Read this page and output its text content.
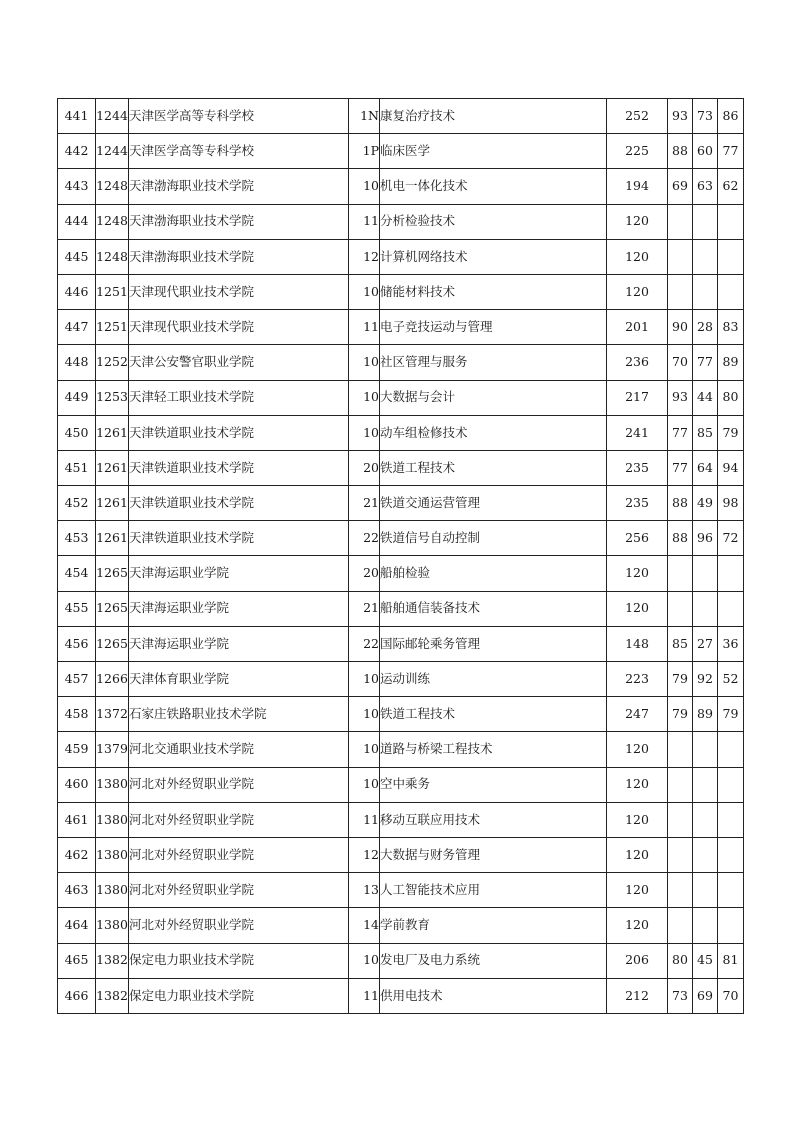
441	1244	天津医学高等专科学校	1N	康复治疗技术	252	93	73	86
442	1244	天津医学高等专科学校	1P	临床医学	225	88	60	77
443	1248	天津渤海职业技术学院	10	机电一体化技术	194	69	63	62
444	1248	天津渤海职业技术学院	11	分析检验技术	120			
445	1248	天津渤海职业技术学院	12	计算机网络技术	120			
446	1251	天津现代职业技术学院	10	储能材料技术	120			
447	1251	天津现代职业技术学院	11	电子竞技运动与管理	201	90	28	83
448	1252	天津公安警官职业学院	10	社区管理与服务	236	70	77	89
449	1253	天津轻工职业技术学院	10	大数据与会计	217	93	44	80
450	1261	天津铁道职业技术学院	10	动车组检修技术	241	77	85	79
451	1261	天津铁道职业技术学院	20	铁道工程技术	235	77	64	94
452	1261	天津铁道职业技术学院	21	铁道交通运营管理	235	88	49	98
453	1261	天津铁道职业技术学院	22	铁道信号自动控制	256	88	96	72
454	1265	天津海运职业学院	20	船舶检验	120			
455	1265	天津海运职业学院	21	船舶通信装备技术	120			
456	1265	天津海运职业学院	22	国际邮轮乘务管理	148	85	27	36
457	1266	天津体育职业学院	10	运动训练	223	79	92	52
458	1372	石家庄铁路职业技术学院	10	铁道工程技术	247	79	89	79
459	1379	河北交通职业技术学院	10	道路与桥梁工程技术	120			
460	1380	河北对外经贸职业学院	10	空中乘务	120			
461	1380	河北对外经贸职业学院	11	移动互联应用技术	120			
462	1380	河北对外经贸职业学院	12	大数据与财务管理	120			
463	1380	河北对外经贸职业学院	13	人工智能技术应用	120			
464	1380	河北对外经贸职业学院	14	学前教育	120			
465	1382	保定电力职业技术学院	10	发电厂及电力系统	206	80	45	81
466	1382	保定电力职业技术学院	11	供用电技术	212	73	69	70
